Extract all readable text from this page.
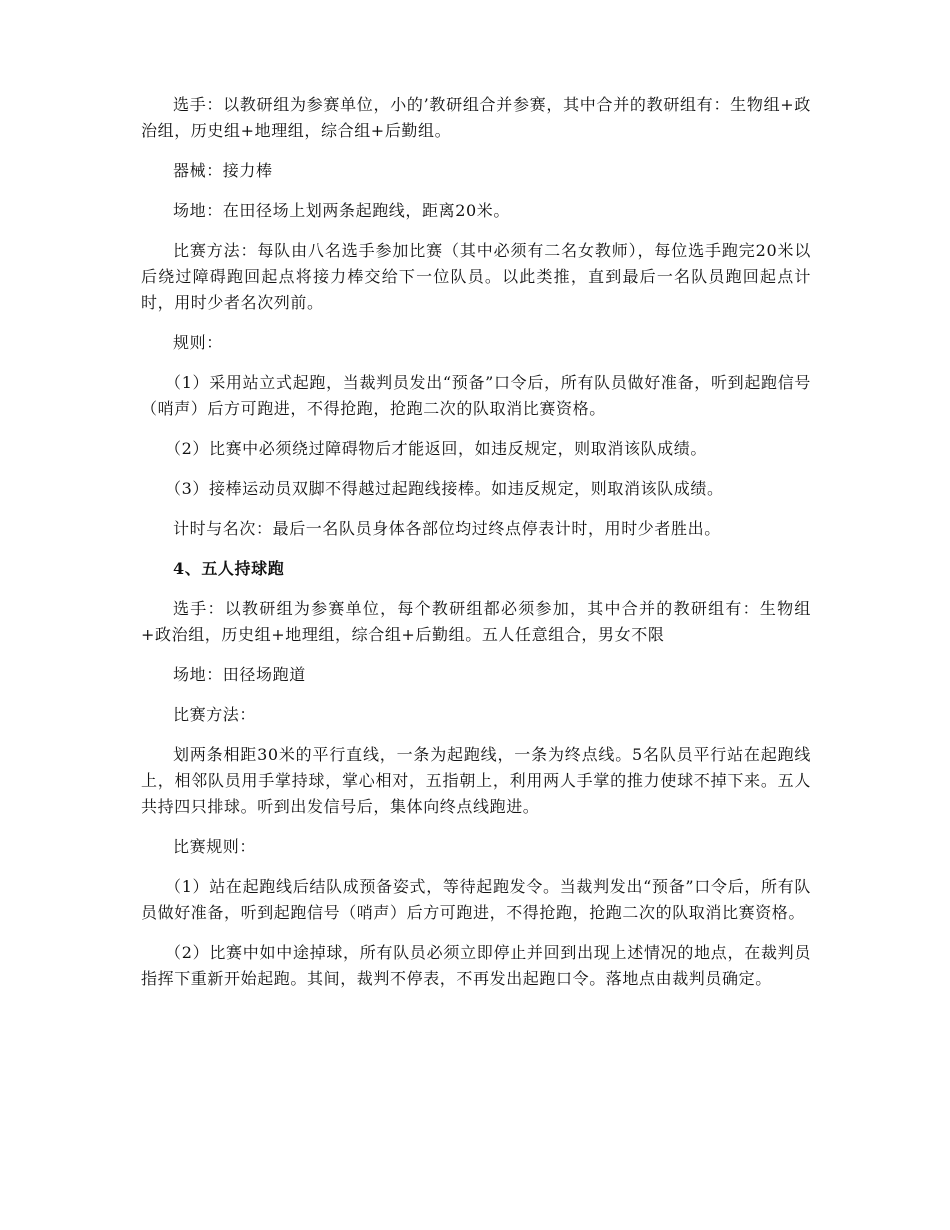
选手：以教研组为参赛单位，小的’教研组合并参赛，其中合并的教研组有：生物组+政治组，历史组+地理组，综合组+后勤组。

器械：接力棒

场地：在田径场上划两条起跑线，距离20米。

比赛方法：每队由八名选手参加比赛（其中必须有二名女教师），每位选手跑完20米以后绕过障碍跑回起点将接力棒交给下一位队员。以此类推，直到最后一名队员跑回起点计时，用时少者名次列前。

规则：

（1）采用站立式起跑，当裁判员发出“预备”口令后，所有队员做好准备，听到起跑信号（哨声）后方可跑进，不得抢跑，抢跑二次的队取消比赛资格。

（2）比赛中必须绕过障碍物后才能返回，如违反规定，则取消该队成绩。

（3）接棒运动员双脚不得越过起跑线接棒。如违反规定，则取消该队成绩。

计时与名次：最后一名队员身体各部位均过终点停表计时，用时少者胜出。

4、五人持球跑

选手：以教研组为参赛单位，每个教研组都必须参加，其中合并的教研组有：生物组+政治组，历史组+地理组，综合组+后勤组。五人任意组合，男女不限

场地：田径场跑道

比赛方法：

划两条相距30米的平行直线，一条为起跑线，一条为终点线。5名队员平行站在起跑线上，相邻队员用手掌持球，掌心相对，五指朝上，利用两人手掌的推力使球不掉下来。五人共持四只排球。听到出发信号后，集体向终点线跑进。

比赛规则：

（1）站在起跑线后结队成预备姿式，等待起跑发令。当裁判发出“预备”口令后，所有队员做好准备，听到起跑信号（哨声）后方可跑进，不得抢跑，抢跑二次的队取消比赛资格。

（2）比赛中如中途掉球，所有队员必须立即停止并回到出现上述情况的地点，在裁判员指挥下重新开始起跑。其间，裁判不停表，不再发出起跑口令。落地点由裁判员确定。
